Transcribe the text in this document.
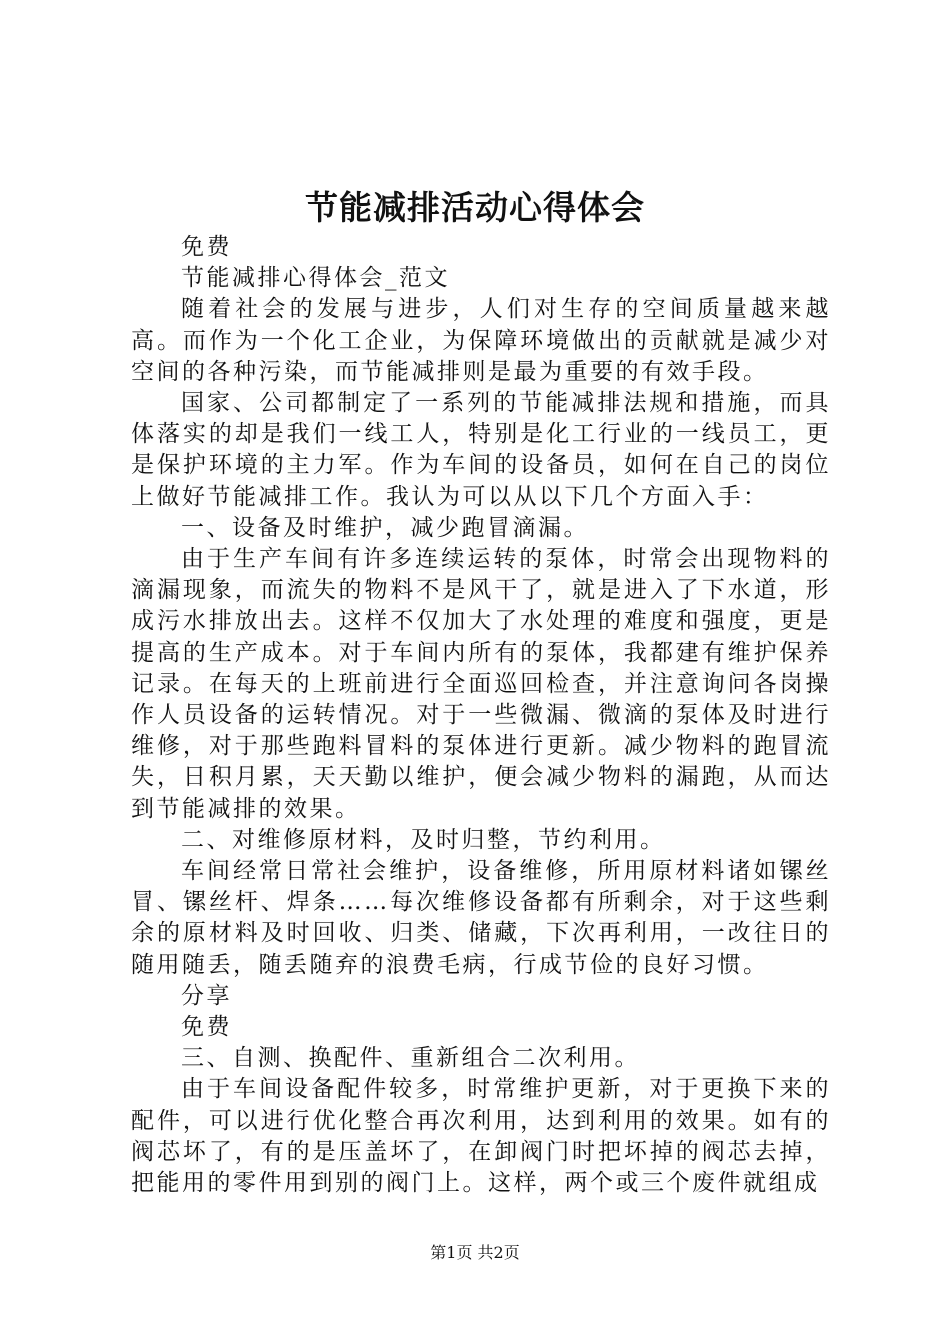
节能减排活动心得体会

免费

节能减排心得体会_范文

随着社会的发展与进步，人们对生存的空间质量越来越高。而作为一个化工企业，为保障环境做出的贡献就是减少对空间的各种污染，而节能减排则是最为重要的有效手段。

国家、公司都制定了一系列的节能减排法规和措施，而具体落实的却是我们一线工人，特别是化工行业的一线员工，更是保护环境的主力军。作为车间的设备员，如何在自己的岗位上做好节能减排工作。我认为可以从以下几个方面入手：

一、设备及时维护，减少跑冒滴漏。

由于生产车间有许多连续运转的泵体，时常会出现物料的滴漏现象，而流失的物料不是风干了，就是进入了下水道，形成污水排放出去。这样不仅加大了水处理的难度和强度，更是提高的生产成本。对于车间内所有的泵体，我都建有维护保养记录。在每天的上班前进行全面巡回检查，并注意询问各岗操作人员设备的运转情况。对于一些微漏、微滴的泵体及时进行维修，对于那些跑料冒料的泵体进行更新。减少物料的跑冒流失，日积月累，天天勤以维护，便会减少物料的漏跑，从而达到节能减排的效果。

二、对维修原材料，及时归整，节约利用。

车间经常日常社会维护，设备维修，所用原材料诸如镙丝冒、镙丝杆、焊条……每次维修设备都有所剩余，对于这些剩余的原材料及时回收、归类、储藏，下次再利用，一改往日的随用随丢，随丢随弃的浪费毛病，行成节俭的良好习惯。

分享

免费

三、自测、换配件、重新组合二次利用。

由于车间设备配件较多，时常维护更新，对于更换下来的配件，可以进行优化整合再次利用，达到利用的效果。如有的阀芯坏了，有的是压盖坏了，在卸阀门时把坏掉的阀芯去掉，把能用的零件用到别的阀门上。这样，两个或三个废件就组成

第1页 共2页
